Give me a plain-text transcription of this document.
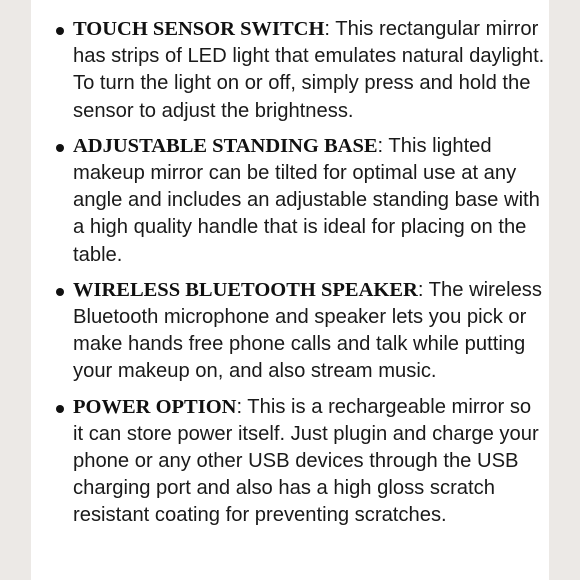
TOUCH SENSOR SWITCH: This rectangular mirror has strips of LED light that emulates natural daylight. To turn the light on or off, simply press and hold the sensor to adjust the brightness.
ADJUSTABLE STANDING BASE: This lighted makeup mirror can be tilted for optimal use at any angle and includes an adjustable standing base with a high quality handle that is ideal for placing on the table.
WIRELESS BLUETOOTH SPEAKER: The wireless Bluetooth microphone and speaker lets you pick or make hands free phone calls and talk while putting your makeup on, and also stream music.
POWER OPTION: This is a rechargeable mirror so it can store power itself. Just plugin and charge your phone or any other USB devices through the USB charging port and also has a high gloss scratch resistant coating for preventing scratches.
